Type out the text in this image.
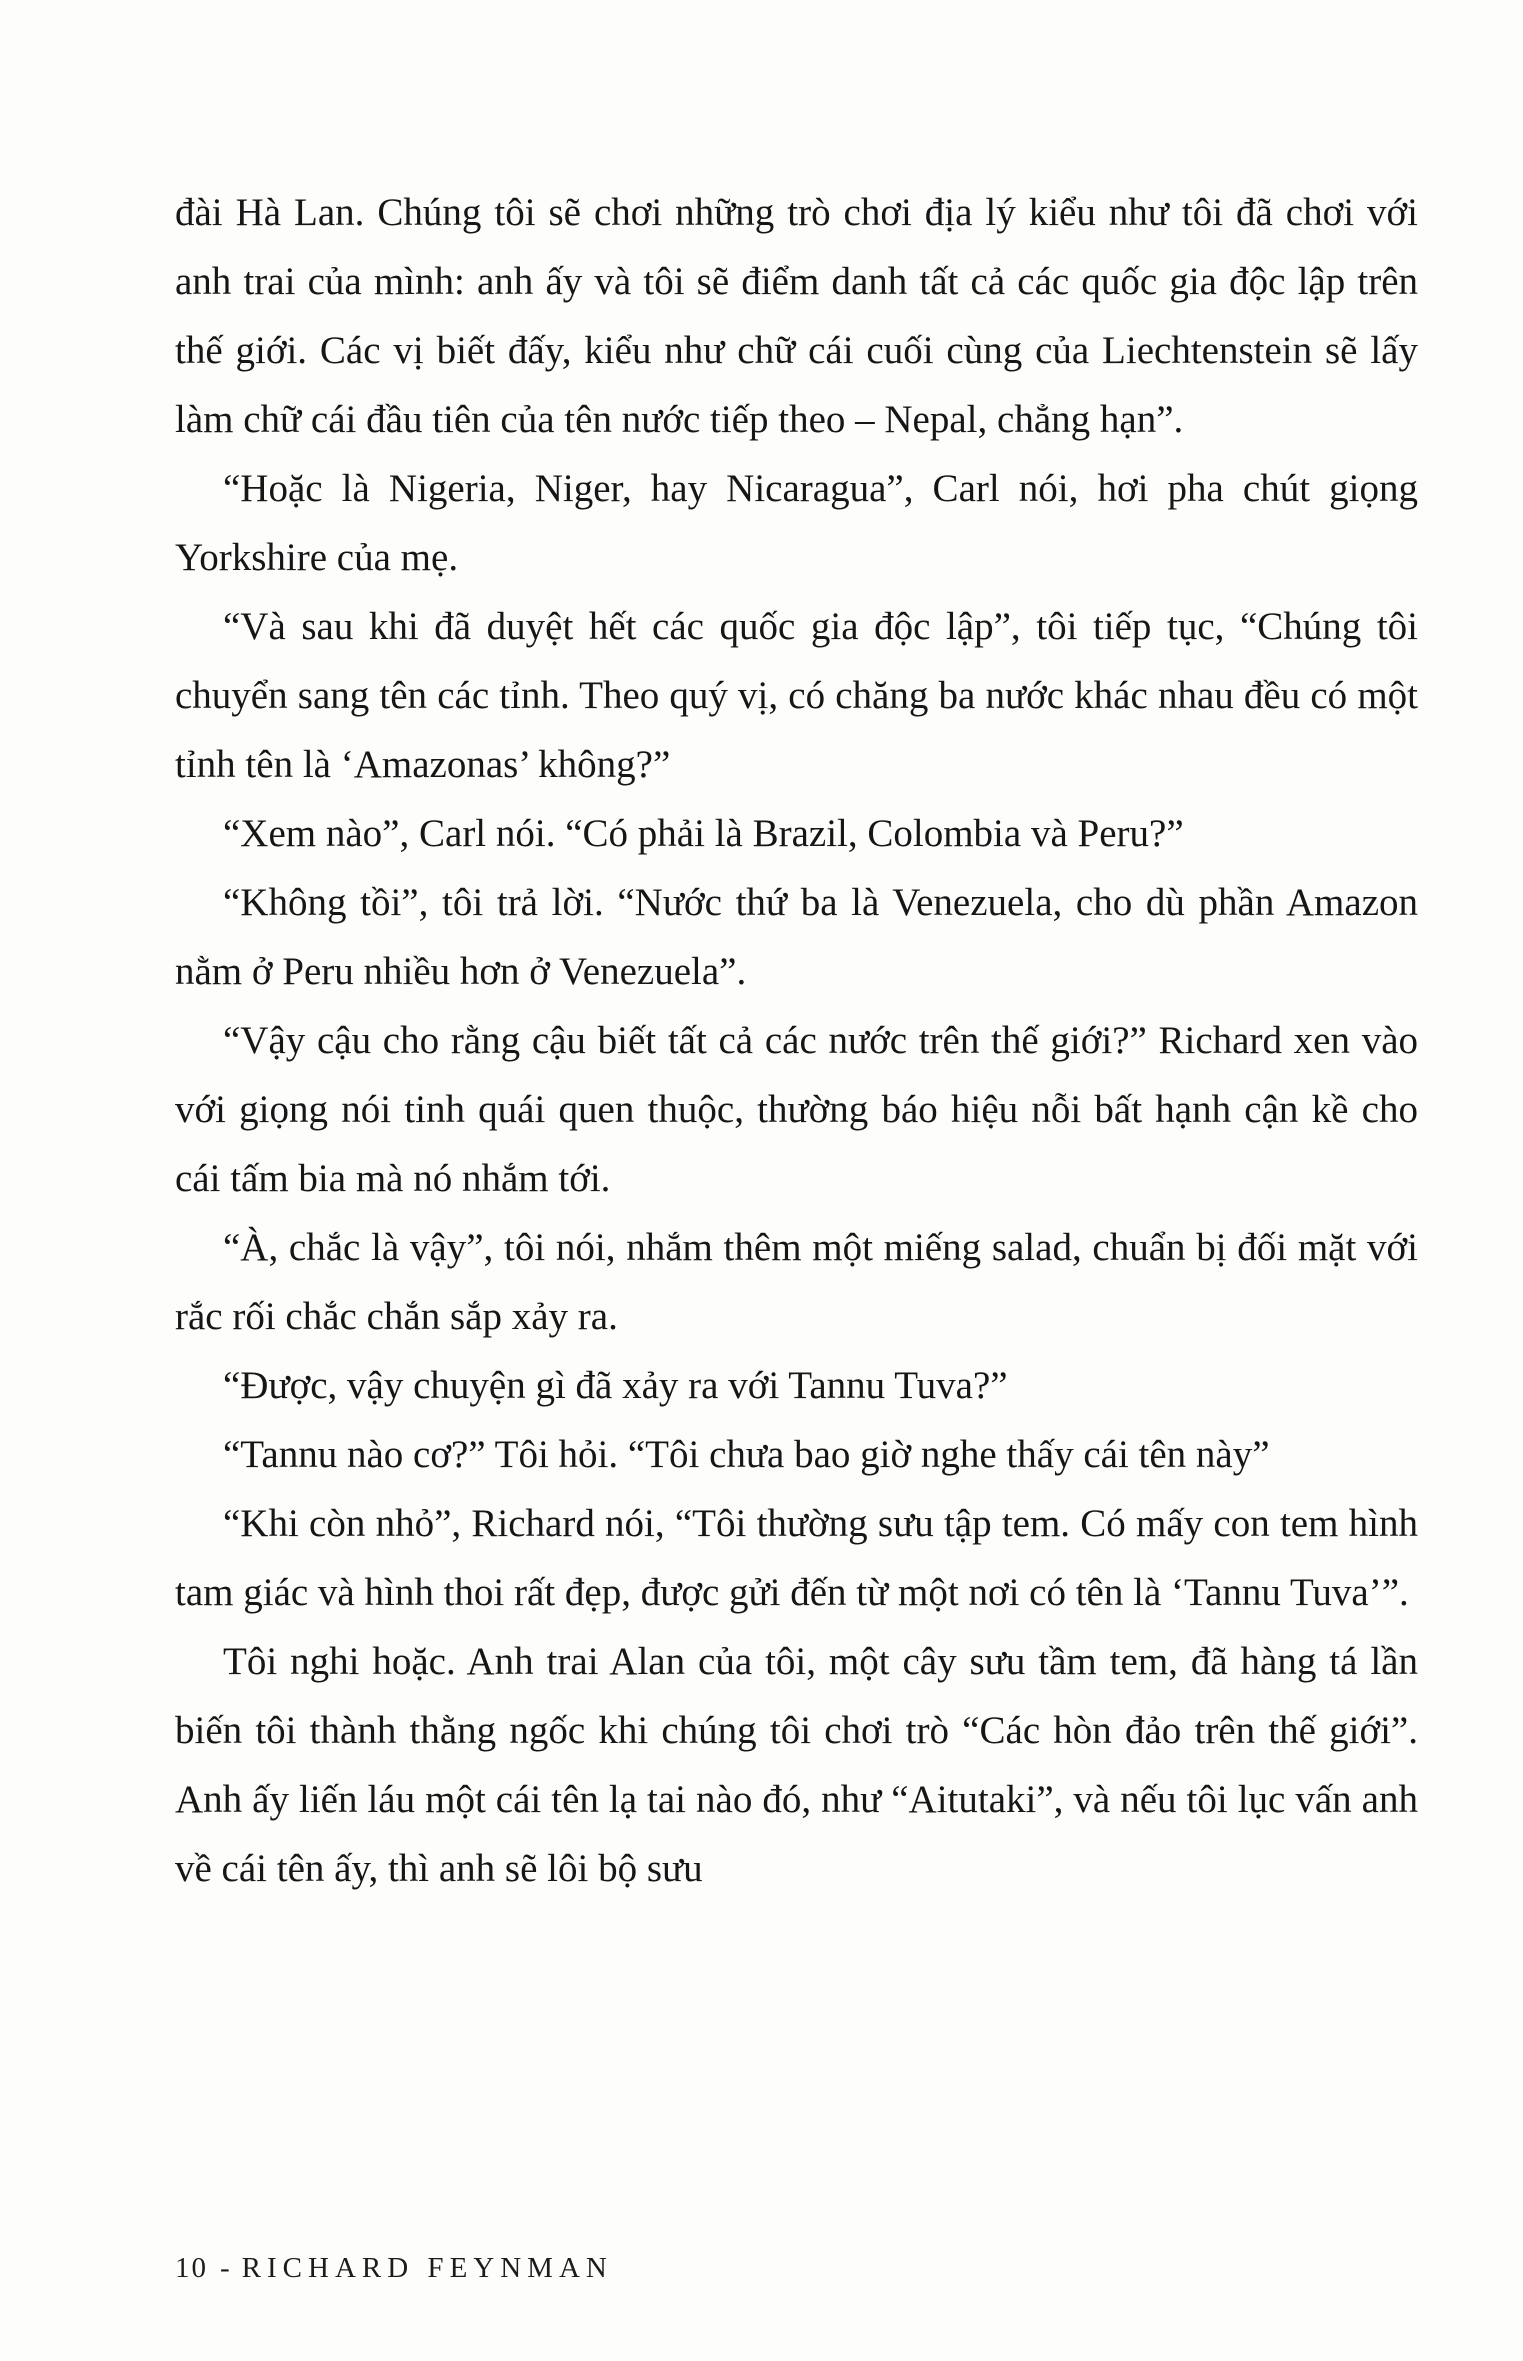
đài Hà Lan. Chúng tôi sẽ chơi những trò chơi địa lý kiểu như tôi đã chơi với anh trai của mình: anh ấy và tôi sẽ điểm danh tất cả các quốc gia độc lập trên thế giới. Các vị biết đấy, kiểu như chữ cái cuối cùng của Liechtenstein sẽ lấy làm chữ cái đầu tiên của tên nước tiếp theo – Nepal, chẳng hạn”.

“Hoặc là Nigeria, Niger, hay Nicaragua”, Carl nói, hơi pha chút giọng Yorkshire của mẹ.

“Và sau khi đã duyệt hết các quốc gia độc lập”, tôi tiếp tục, “Chúng tôi chuyển sang tên các tỉnh. Theo quý vị, có chăng ba nước khác nhau đều có một tỉnh tên là ‘Amazonas’ không?”

“Xem nào”, Carl nói. “Có phải là Brazil, Colombia và Peru?”

“Không tồi”, tôi trả lời. “Nước thứ ba là Venezuela, cho dù phần Amazon nằm ở Peru nhiều hơn ở Venezuela”.

“Vậy cậu cho rằng cậu biết tất cả các nước trên thế giới?” Richard xen vào với giọng nói tinh quái quen thuộc, thường báo hiệu nỗi bất hạnh cận kề cho cái tấm bia mà nó nhắm tới.

“À, chắc là vậy”, tôi nói, nhắm thêm một miếng salad, chuẩn bị đối mặt với rắc rối chắc chắn sắp xảy ra.

“Được, vậy chuyện gì đã xảy ra với Tannu Tuva?”

“Tannu nào cơ?” Tôi hỏi. “Tôi chưa bao giờ nghe thấy cái tên này”

“Khi còn nhỏ”, Richard nói, “Tôi thường sưu tập tem. Có mấy con tem hình tam giác và hình thoi rất đẹp, được gửi đến từ một nơi có tên là ‘Tannu Tuva’”.

Tôi nghi hoặc. Anh trai Alan của tôi, một cây sưu tầm tem, đã hàng tá lần biến tôi thành thằng ngốc khi chúng tôi chơi trò “Các hòn đảo trên thế giới”. Anh ấy liến láu một cái tên lạ tai nào đó, như “Aitutaki”, và nếu tôi lục vấn anh về cái tên ấy, thì anh sẽ lôi bộ sưu

10 - RICHARD FEYNMAN
